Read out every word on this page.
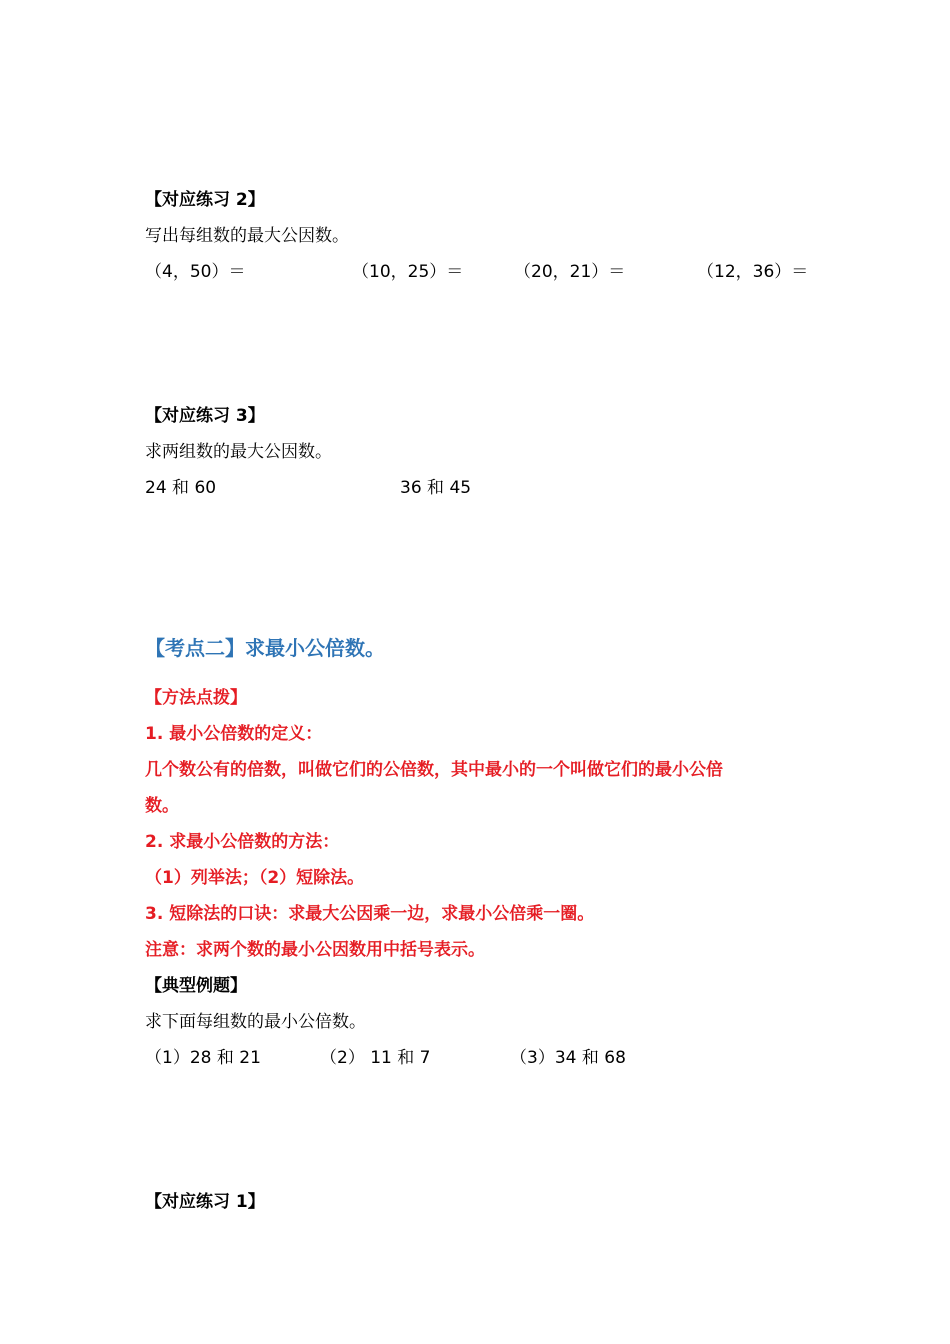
【对应练习 2】
写出每组数的最大公因数。
（4，50）＝	（10，25）＝	（20，21）＝	（12，36）＝
【对应练习 3】
求两组数的最大公因数。
24 和 60	36 和 45
【考点二】求最小公倍数。
【方法点拨】
1. 最小公倍数的定义：
几个数公有的倍数，叫做它们的公倍数，其中最小的一个叫做它们的最小公倍
数。
2. 求最小公倍数的方法：
（1）列举法；（2）短除法。
3. 短除法的口诀：求最大公因乘一边，求最小公倍乘一圈。
注意：求两个数的最小公因数用中括号表示。
【典型例题】
求下面每组数的最小公倍数。
（1）28 和 21	（2） 11 和 7	（3）34 和 68
【对应练习 1】
